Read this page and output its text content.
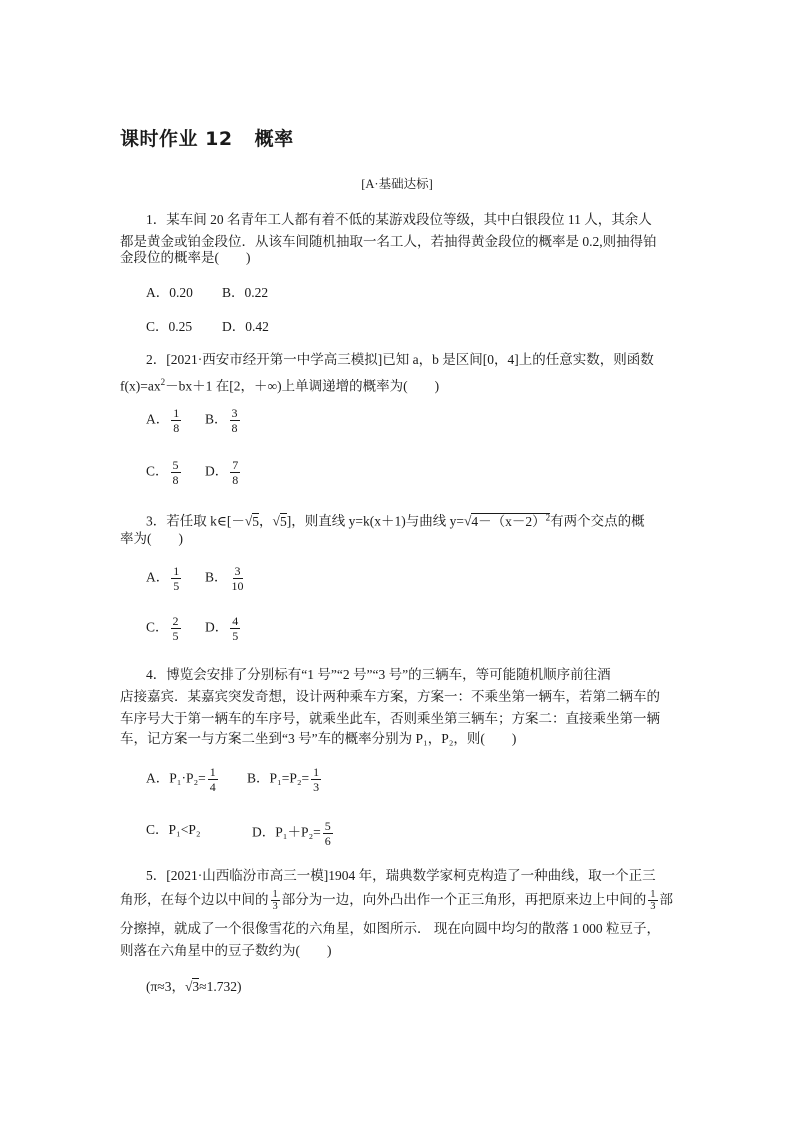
课时作业 12 概率
[A·基础达标]
1．某车间 20 名青年工人都有着不低的某游戏段位等级，其中白银段位 11 人，其余人
都是黄金或铂金段位．从该车间随机抽取一名工人，若抽得黄金段位的概率是 0.2,则抽得铂
金段位的概率是(　　)
A．0.20 B．0.22
C．0.25 D．0.42
2．[2021·西安市经开第一中学高三模拟]已知 a，b 是区间[0，4]上的任意实数，则函数
$f(x)=ax^2-bx+1$ 在[2，＋∞)上单调递增的概率为(　　)
A． $\frac{1}{8}$ B． $\frac{3}{8}$
C． $\frac{5}{8}$ D． $\frac{7}{8}$
3．若任取 k∈[－√5，√5]，则直线 y=k(x＋1)与曲线 $y=√4-(x-2)^2$有两个交点的概
率为(　　)
A． $\frac{1}{5}$ B． $\frac{3}{10}$
C． $\frac{2}{5}$ D． $\frac{4}{5}$
4．博览会安排了分别标有“1 号”“2 号”“3 号”的三辆车，等可能随机顺序前往酒
店接嘉宾．某嘉宾突发奇想，设计两种乘车方案，方案一：不乘坐第一辆车，若第二辆车的
车序号大于第一辆车的车序号，就乘坐此车，否则乘坐第三辆车；方案二：直接乘坐第一辆
车，记方案一与方案二坐到“3 号”车的概率分别为 P₁，P₂，则(　　)
A．$P_1\cdot P_2= \frac{1}{4}$ B．$P_1=P_2= \frac{1}{3}$
C．P₁<P₂	D．$P_1+P_2= \frac{5}{6}$
5．[2021·山西临汾市高三一模]1904 年，瑞典数学家柯克构造了一种曲线，取一个正三
角形，在每个边以中间的 $\frac{1}{3}$ 部分为一边，向外凸出作一个正三角形，再把原来边上中间的 $\frac{1}{3}$ 部
分擦掉，就成了一个很像雪花的六角星，如图所示． 现在向圆中均匀的散落 1 000 粒豆子，
则落在六角星中的豆子数约为(　　)
(π≈3，√3≈1.732)
